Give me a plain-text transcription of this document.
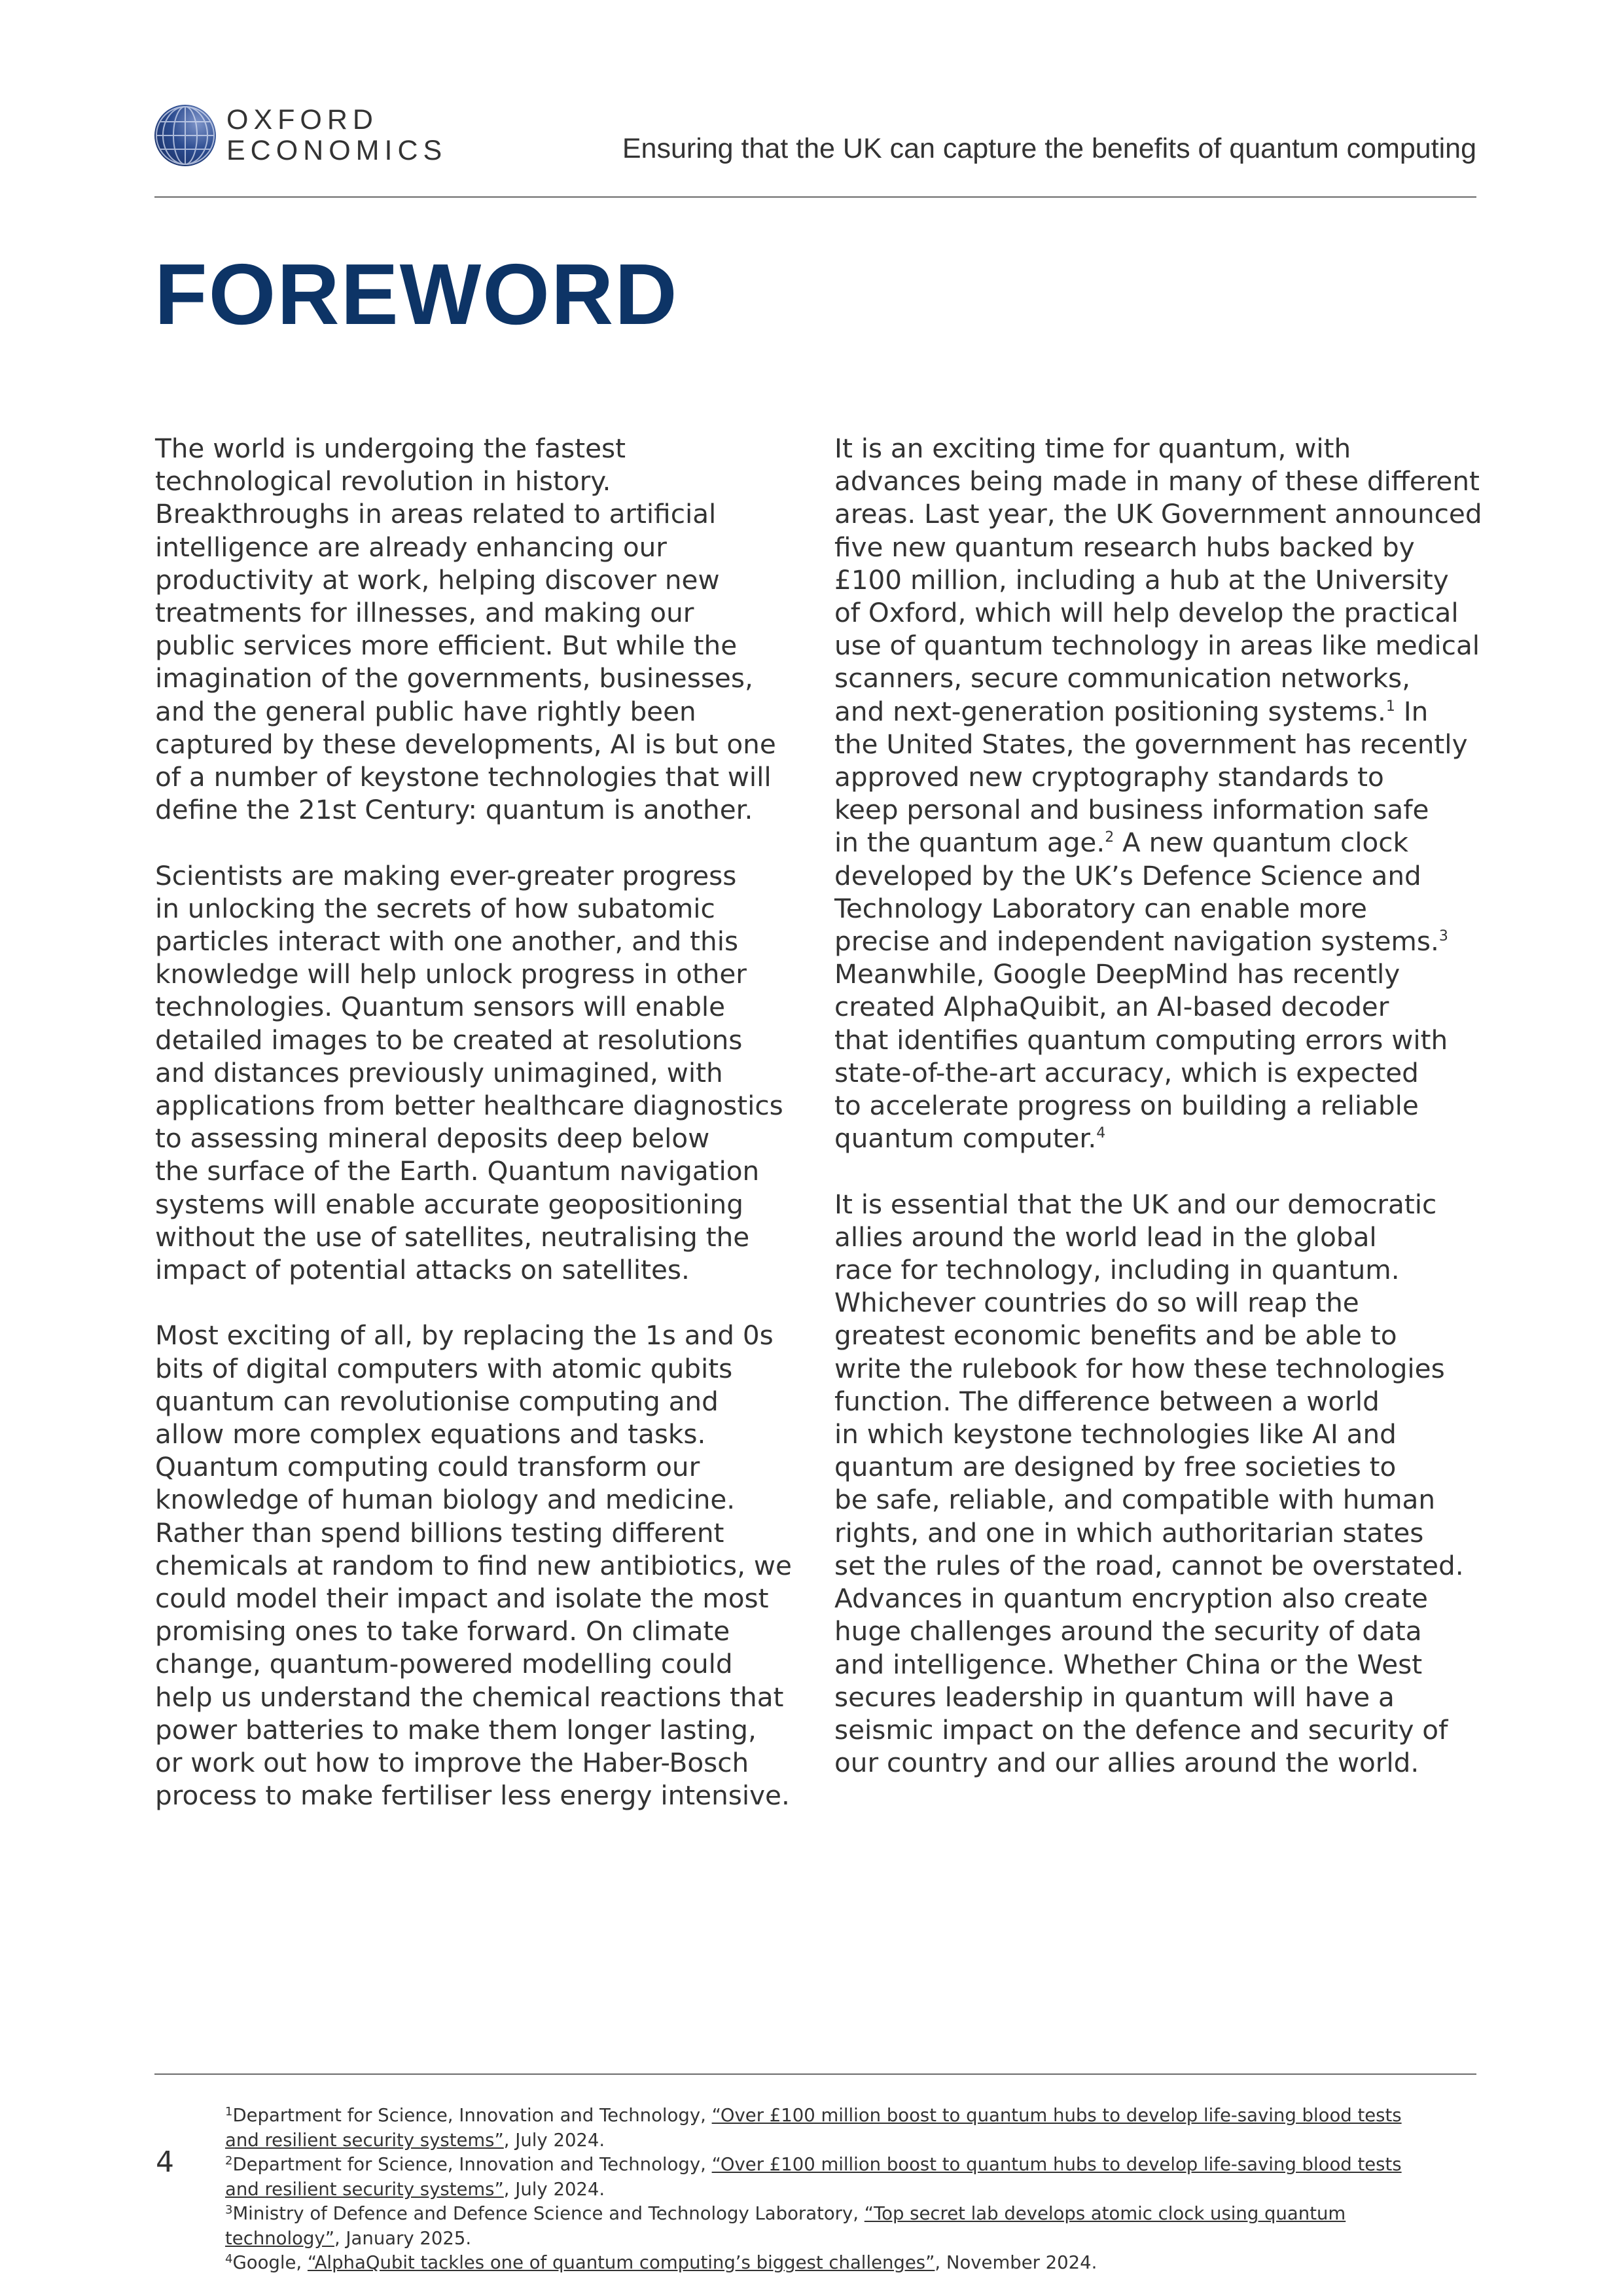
OXFORD
ECONOMICS	Ensuring that the UK can capture the benefits of quantum computing
FOREWORD

The world is undergoing the fastest
technological revolution in history.
Breakthroughs in areas related to artificial
intelligence are already enhancing our
productivity at work, helping discover new
treatments for illnesses, and making our
public services more efficient. But while the
imagination of the governments, businesses,
and the general public have rightly been
captured by these developments, AI is but one
of a number of keystone technologies that will
define the 21st Century: quantum is another.

Scientists are making ever-greater progress
in unlocking the secrets of how subatomic
particles interact with one another, and this
knowledge will help unlock progress in other
technologies. Quantum sensors will enable
detailed images to be created at resolutions
and distances previously unimagined, with
applications from better healthcare diagnostics
to assessing mineral deposits deep below
the surface of the Earth. Quantum navigation
systems will enable accurate geopositioning
without the use of satellites, neutralising the
impact of potential attacks on satellites.

Most exciting of all, by replacing the 1s and 0s
bits of digital computers with atomic qubits
quantum can revolutionise computing and
allow more complex equations and tasks.
Quantum computing could transform our
knowledge of human biology and medicine.
Rather than spend billions testing different
chemicals at random to find new antibiotics, we
could model their impact and isolate the most
promising ones to take forward. On climate
change, quantum-powered modelling could
help us understand the chemical reactions that
power batteries to make them longer lasting,
or work out how to improve the Haber-Bosch
process to make fertiliser less energy intensive.

It is an exciting time for quantum, with
advances being made in many of these different
areas. Last year, the UK Government announced
five new quantum research hubs backed by
£100 million, including a hub at the University
of Oxford, which will help develop the practical
use of quantum technology in areas like medical
scanners, secure communication networks,
and next-generation positioning systems.$^1$ In
the United States, the government has recently
approved new cryptography standards to
keep personal and business information safe
in the quantum age.$^2$ A new quantum clock
developed by the UK’s Defence Science and
Technology Laboratory can enable more
precise and independent navigation systems.$^3$
Meanwhile, Google DeepMind has recently
created AlphaQuibit, an AI-based decoder
that identifies quantum computing errors with
state-of-the-art accuracy, which is expected
to accelerate progress on building a reliable
quantum computer.$^4$

It is essential that the UK and our democratic
allies around the world lead in the global
race for technology, including in quantum.
Whichever countries do so will reap the
greatest economic benefits and be able to
write the rulebook for how these technologies
function. The difference between a world
in which keystone technologies like AI and
quantum are designed by free societies to
be safe, reliable, and compatible with human
rights, and one in which authoritarian states
set the rules of the road, cannot be overstated.
Advances in quantum encryption also create
huge challenges around the security of data
and intelligence. Whether China or the West
secures leadership in quantum will have a
seismic impact on the defence and security of
our country and our allies around the world.

4
$^1$Department for Science, Innovation and Technology, “Over £100 million boost to quantum hubs to develop life-saving blood tests
and resilient security systems”, July 2024.
$^2$Department for Science, Innovation and Technology, “Over £100 million boost to quantum hubs to develop life-saving blood tests
and resilient security systems”, July 2024.
$^3$Ministry of Defence and Defence Science and Technology Laboratory, “Top secret lab develops atomic clock using quantum
technology”, January 2025.
$^4$Google, “AlphaQubit tackles one of quantum computing’s biggest challenges”, November 2024.
